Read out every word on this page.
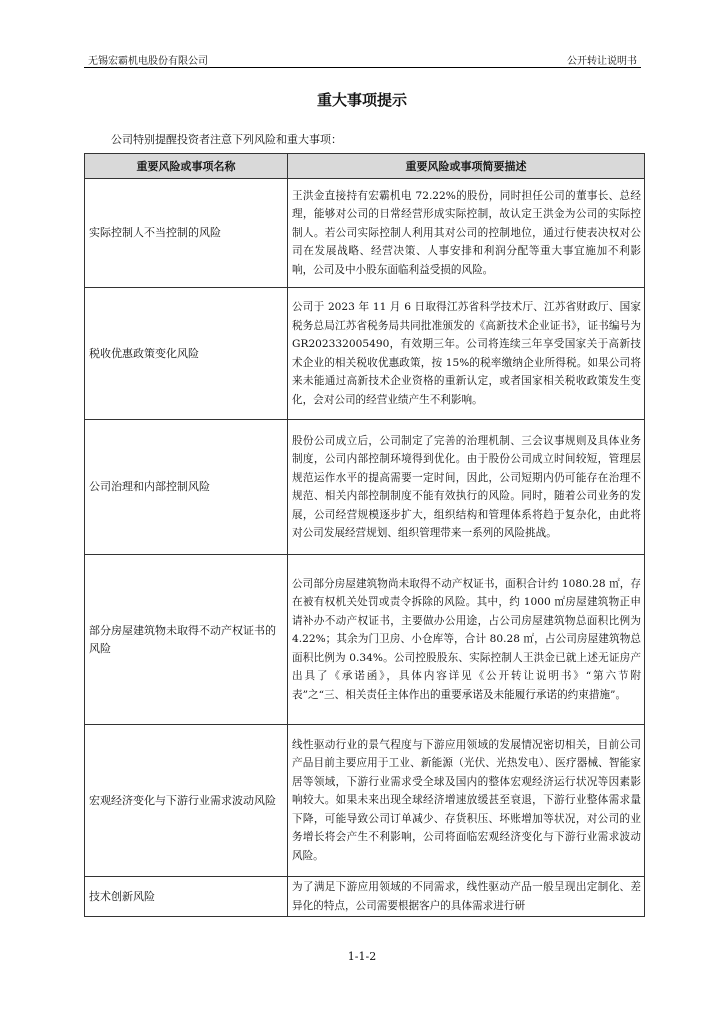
无锡宏霸机电股份有限公司	公开转让说明书
重大事项提示
公司特别提醒投资者注意下列风险和重大事项：
重要风险或事项名称	重要风险或事项简要描述
实际控制人不当控制的风险	王洪金直接持有宏霸机电 72.22%的股份，同时担任公司的董事长、总经理，能够对公司的日常经营形成实际控制，故认定王洪金为公司的实际控制人。若公司实际控制人利用其对公司的控制地位，通过行使表决权对公司在发展战略、经营决策、人事安排和利润分配等重大事宜施加不利影响，公司及中小股东面临利益受损的风险。
税收优惠政策变化风险	公司于 2023 年 11 月 6 日取得江苏省科学技术厅、江苏省财政厅、国家税务总局江苏省税务局共同批准颁发的《高新技术企业证书》，证书编号为 GR202332005490，有效期三年。公司将连续三年享受国家关于高新技术企业的相关税收优惠政策，按 15%的税率缴纳企业所得税。如果公司将来未能通过高新技术企业资格的重新认定，或者国家相关税收政策发生变化，会对公司的经营业绩产生不利影响。
公司治理和内部控制风险	股份公司成立后，公司制定了完善的治理机制、三会议事规则及具体业务制度，公司内部控制环境得到优化。由于股份公司成立时间较短，管理层规范运作水平的提高需要一定时间，因此，公司短期内仍可能存在治理不规范、相关内部控制制度不能有效执行的风险。同时，随着公司业务的发展，公司经营规模逐步扩大，组织结构和管理体系将趋于复杂化，由此将对公司发展经营规划、组织管理带来一系列的风险挑战。
部分房屋建筑物未取得不动产权证书的风险	公司部分房屋建筑物尚未取得不动产权证书，面积合计约 1080.28 ㎡，存在被有权机关处罚或责令拆除的风险。其中，约 1000 ㎡房屋建筑物正申请补办不动产权证书，主要做办公用途，占公司房屋建筑物总面积比例为 4.22%；其余为门卫房、小仓库等，合计 80.28 ㎡，占公司房屋建筑物总面积比例为 0.34%。公司控股股东、实际控制人王洪金已就上述无证房产出具了《承诺函》，具体内容详见《公开转让说明书》“第六节附表”之“三、相关责任主体作出的重要承诺及未能履行承诺的约束措施”。
宏观经济变化与下游行业需求波动风险	线性驱动行业的景气程度与下游应用领域的发展情况密切相关，目前公司产品目前主要应用于工业、新能源（光伏、光热发电）、医疗器械、智能家居等领域，下游行业需求受全球及国内的整体宏观经济运行状况等因素影响较大。如果未来出现全球经济增速放缓甚至衰退，下游行业整体需求量下降，可能导致公司订单减少、存货积压、坏账增加等状况，对公司的业务增长将会产生不利影响，公司将面临宏观经济变化与下游行业需求波动风险。
技术创新风险	为了满足下游应用领域的不同需求，线性驱动产品一般呈现出定制化、差异化的特点，公司需要根据客户的具体需求进行研
1-1-2
